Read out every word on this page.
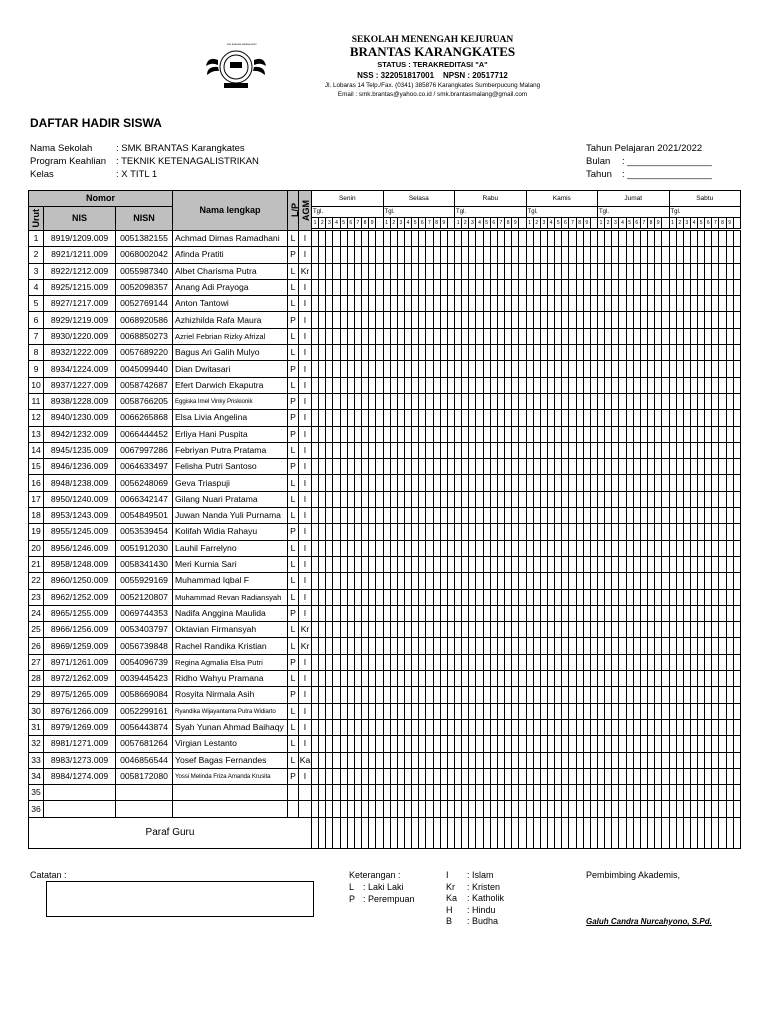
SMK BRANTAS KARANGKATES	SEKOLAH MENENGAH KEJURUAN
BRANTAS KARANGKATES
STATUS : TERAKREDITASI "A"
NSS : 322051817001    NPSN : 20517712
Jl. Lobaras 14 Telp./Fax. (0341) 385876 Karangkates Sumberpucung Malang
Email : smk.brantas@yahoo.co.id / smk.brantasmalang@gmail.com
DAFTAR HADIR SISWA
Nama Sekolah	: SMK BRANTAS Karangkates
Program Keahlian	: TEKNIK KETENAGALISTRIKAN
Kelas	: X TITL 1
Tahun Pelajaran 2021/2022	
Bulan	: ________________
Tahun	: ________________
Nomor	Nama lengkap	L/P	AGM	Senin	Selasa	Rabu	Kamis	Jumat	Sabtu

Urut	NIS	NISN	Tgl.	Tgl.	Tgl.	Tgl.	Tgl.	Tgl.
1	2	3	4	5	6	7	8	9		1	2	3	4	5	6	7	8	9		1	2	3	4	5	6	7	8	9		1	2	3	4	5	6	7	8	9		1	2	3	4	5	6	7	8	9		1	2	3	4	5	6	7	8	9	

1	8919/1209.009	0051382155	Achmad Dimas Ramadhani	L	I																																																												
2	8921/1211.009	0068002042	Afinda Pratiti	P	I																																																												
3	8922/1212.009	0055987340	Albet Charisma Putra	L	Kr																																																												
4	8925/1215.009	0052098357	Anang Adi Prayoga	L	I																																																												
5	8927/1217.009	0052769144	Anton Tantowi	L	I																																																												
6	8929/1219.009	0068920586	Azhizhilda Rafa Maura	P	I																																																												
7	8930/1220.009	0068850273	Azriel Febrian Rizky Afrizal	L	I																																																												
8	8932/1222.009	0057689220	Bagus Ari Galih Mulyo	L	I																																																												
9	8934/1224.009	0045099440	Dian Dwitasari	P	I																																																												
10	8937/1227.009	0058742687	Efert Darwich Ekaputra	L	I																																																												
11	8938/1228.009	0058766205	Eggiska Imel Vinky Priskionik	P	I																																																												
12	8940/1230.009	0066265868	Elsa Livia Angelina	P	I																																																												
13	8942/1232.009	0066444452	Erliya Hani Puspita	P	I																																																												
14	8945/1235.009	0067997286	Febriyan Putra Pratama	L	I																																																												
15	8946/1236.009	0064633497	Felisha Putri Santoso	P	I																																																												
16	8948/1238.009	0056248069	Geva Triaspuji	L	I																																																												
17	8950/1240.009	0066342147	Gilang Nuari Pratama	L	I																																																												
18	8953/1243.009	0054849501	Juwan Nanda Yuli Purnama	L	I																																																												
19	8955/1245.009	0053539454	Kolifah Widia Rahayu	P	I																																																												
20	8956/1246.009	0051912030	Lauhil Farrelyno	L	I																																																												
21	8958/1248.009	0058341430	Meri Kurnia Sari	L	I																																																												
22	8960/1250.009	0055929169	Muhammad Iqbal F	L	I																																																												
23	8962/1252.009	0052120807	Muhammad Revan Radiansyah	L	I																																																												
24	8965/1255.009	0069744353	Nadifa Anggina Maulida	P	I																																																												
25	8966/1256.009	0053403797	Oktavian Firmansyah	L	Kr																																																												
26	8969/1259.009	0056739848	Rachel Randika Kristian	L	Kr																																																												
27	8971/1261.009	0054096739	Regina Agmalia Elsa Putri	P	I																																																												
28	8972/1262.009	0039445423	Ridho Wahyu Pramana	L	I																																																												
29	8975/1265.009	0058669084	Rosyita Nirmala Asih	P	I																																																												
30	8976/1266.009	0052299161	Ryandika Wijayantama Putra Widiarto	L	I																																																												
31	8979/1269.009	0056443874	Syah Yunan Ahmad Baihaqy	L	I																																																												
32	8981/1271.009	0057681264	Virgian Lestanto	L	I																																																												
33	8983/1273.009	0046856544	Yosef Bagas Fernandes	L	Ka																																																												
34	8984/1274.009	0058172080	Yossi Melinda Friza Amanda Krusita	P	I																																																												
35																																																																	
36																																																																	
Paraf Guru																																																												
Catatan :	Keterangan :
L : Laki Laki
P : Perempuan
I : Islam
Kr : Kristen
Ka : Katholik
H : Hindu
B : Budha
Pembimbing Akademis,
Galuh Candra Nurcahyono, S.Pd.
